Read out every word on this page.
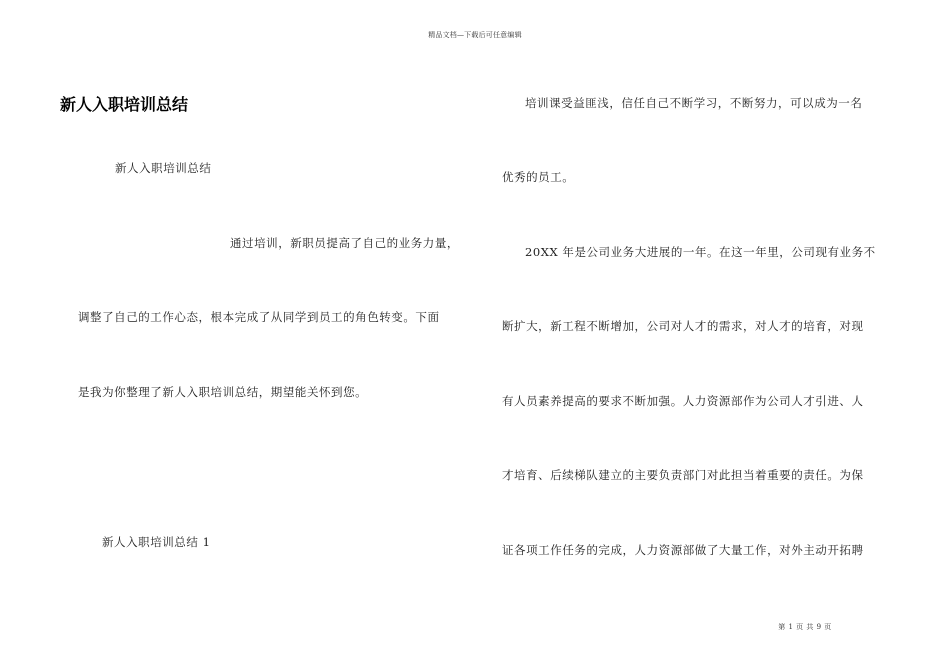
精品文档—下载后可任意编辑
新人入职培训总结
新人入职培训总结
通过培训，新职员提高了自己的业务力量，
调整了自己的工作心态，根本完成了从同学到员工的角色转变。下面
是我为你整理了新人入职培训总结，期望能关怀到您。
新人入职培训总结 1
培训课受益匪浅，信任自己不断学习，不断努力，可以成为一名
优秀的员工。
20XX 年是公司业务大进展的一年。在这一年里，公司现有业务不
断扩大，新工程不断增加，公司对人才的需求，对人才的培育，对现
有人员素养提高的要求不断加强。人力资源部作为公司人才引进、人
才培育、后续梯队建立的主要负责部门对此担当着重要的责任。为保
证各项工作任务的完成，人力资源部做了大量工作，对外主动开拓聘
第 1 页 共 9 页
